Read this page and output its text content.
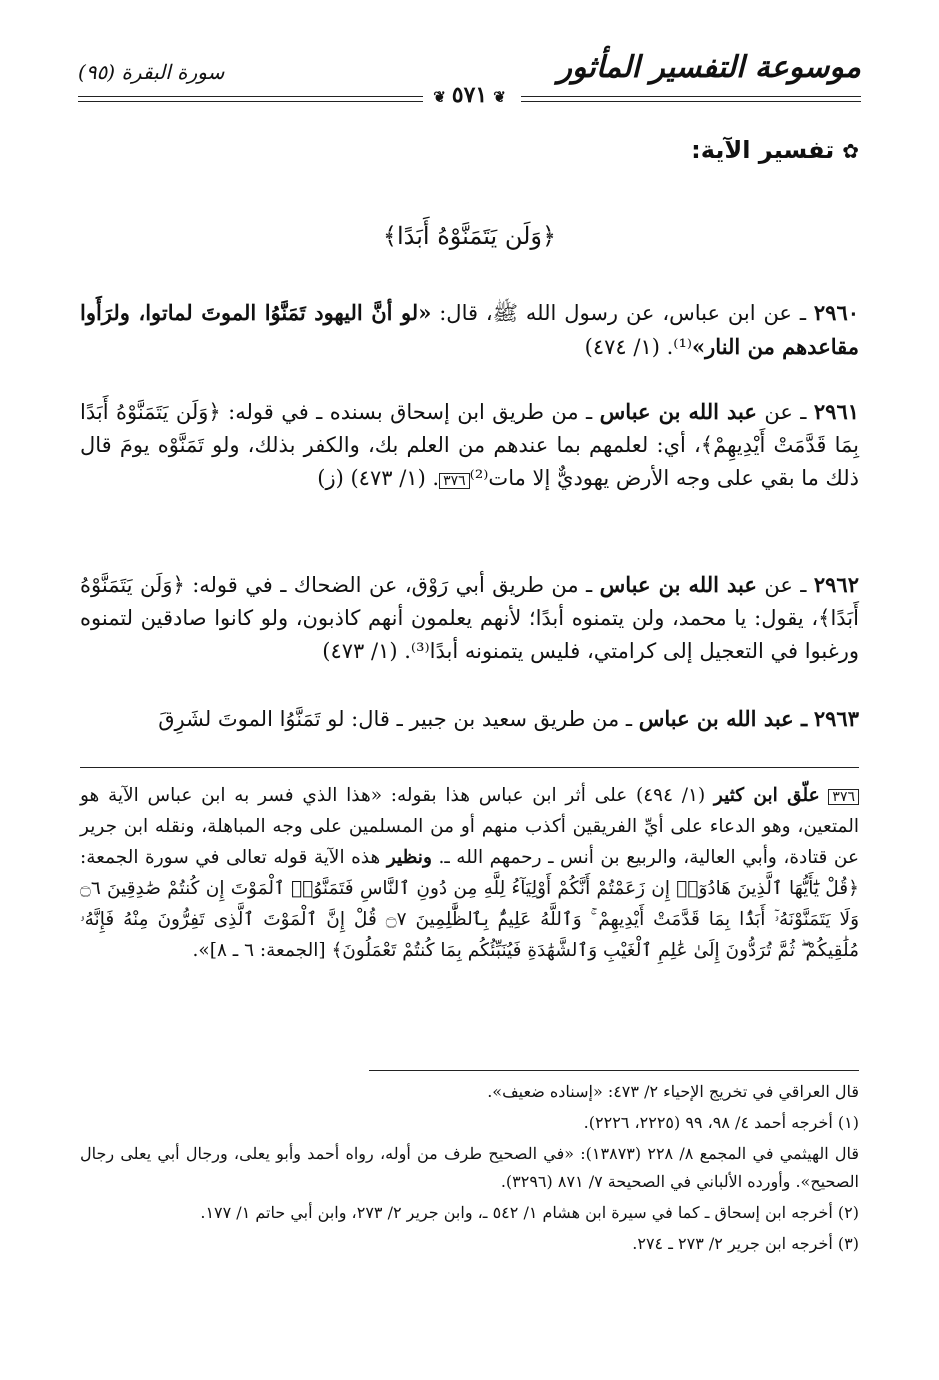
موسوعة التفسير المأثور
سورة البقرة (٩٥)
❦٥٧١❦
✿تفسير الآية:
﴿وَلَن يَتَمَنَّوْهُ أَبَدًا﴾
٢٩٦٠ ـ عن ابن عباس، عن رسول الله ﷺ، قال: «لو أنَّ اليهود تَمَنَّوُا الموتَ لماتوا، ولرَأَوا مقاعدهم من النار»⁽¹⁾. (١/ ٤٧٤)
٢٩٦١ ـ عن عبد الله بن عباس ـ من طريق ابن إسحاق بسنده ـ في قوله: ﴿وَلَن يَتَمَنَّوْهُ أَبَدًا بِمَا قَدَّمَتْ أَيْدِيهِمْ﴾، أي: لعلمهم بما عندهم من العلم بك، والكفر بذلك، ولو تَمَنَّوْه يومَ قال ذلك ما بقي على وجه الأرض يهوديٌّ إلا مات⁽²⁾٣٧٦. (١/ ٤٧٣) (ز)
٢٩٦٢ ـ عن عبد الله بن عباس ـ من طريق أبي رَوْق، عن الضحاك ـ في قوله: ﴿وَلَن يَتَمَنَّوْهُ أَبَدًا﴾، يقول: يا محمد، ولن يتمنوه أبدًا؛ لأنهم يعلمون أنهم كاذبون، ولو كانوا صادقين لتمنوه ورغبوا في التعجيل إلى كرامتي، فليس يتمنونه أبدًا⁽³⁾. (١/ ٤٧٣)
٢٩٦٣ ـ عبد الله بن عباس ـ من طريق سعيد بن جبير ـ قال: لو تَمَنَّوُا الموتَ لشَرِقَ
٣٧٦ علّق ابن كثير (١/ ٤٩٤) على أثر ابن عباس هذا بقوله: «هذا الذي فسر به ابن عباس الآية هو المتعين، وهو الدعاء على أيِّ الفريقين أكذب منهم أو من المسلمين على وجه المباهلة، ونقله ابن جرير عن قتادة، وأبي العالية، والربيع بن أنس ـ رحمهم الله ـ. ونظير هذه الآية قوله تعالى في سورة الجمعة: ﴿قُلْ يَٰٓأَيُّهَا ٱلَّذِينَ هَادُوٓا۟ إِن زَعَمْتُمْ أَنَّكُمْ أَوْلِيَآءُ لِلَّهِ مِن دُونِ ٱلنَّاسِ فَتَمَنَّوُا۟ ٱلْمَوْتَ إِن كُنتُمْ صَٰدِقِينَ ۝٦ وَلَا يَتَمَنَّوْنَهُۥٓ أَبَدًۢا بِمَا قَدَّمَتْ أَيْدِيهِمْ ۚ وَٱللَّهُ عَلِيمٌۢ بِٱلظَّٰلِمِينَ ۝٧ قُلْ إِنَّ ٱلْمَوْتَ ٱلَّذِى تَفِرُّونَ مِنْهُ فَإِنَّهُۥ مُلَٰقِيكُمْ ۖ ثُمَّ تُرَدُّونَ إِلَىٰ عَٰلِمِ ٱلْغَيْبِ وَٱلشَّهَٰدَةِ فَيُنَبِّئُكُم بِمَا كُنتُمْ تَعْمَلُونَ﴾ [الجمعة: ٦ ـ ٨]».

قال العراقي في تخريج الإحياء ٢/ ٤٧٣: «إسناده ضعيف».

(١) أخرجه أحمد ٤/ ٩٨، ٩٩ (٢٢٢٥، ٢٢٢٦).

قال الهيثمي في المجمع ٨/ ٢٢٨ (١٣٨٧٣): «في الصحيح طرف من أوله، رواه أحمد وأبو يعلى، ورجال أبي يعلى رجال الصحيح». وأورده الألباني في الصحيحة ٧/ ٨٧١ (٣٢٩٦).

(٢) أخرجه ابن إسحاق ـ كما في سيرة ابن هشام ١/ ٥٤٢ ـ، وابن جرير ٢/ ٢٧٣، وابن أبي حاتم ١/ ١٧٧.

(٣) أخرجه ابن جرير ٢/ ٢٧٣ ـ ٢٧٤.
